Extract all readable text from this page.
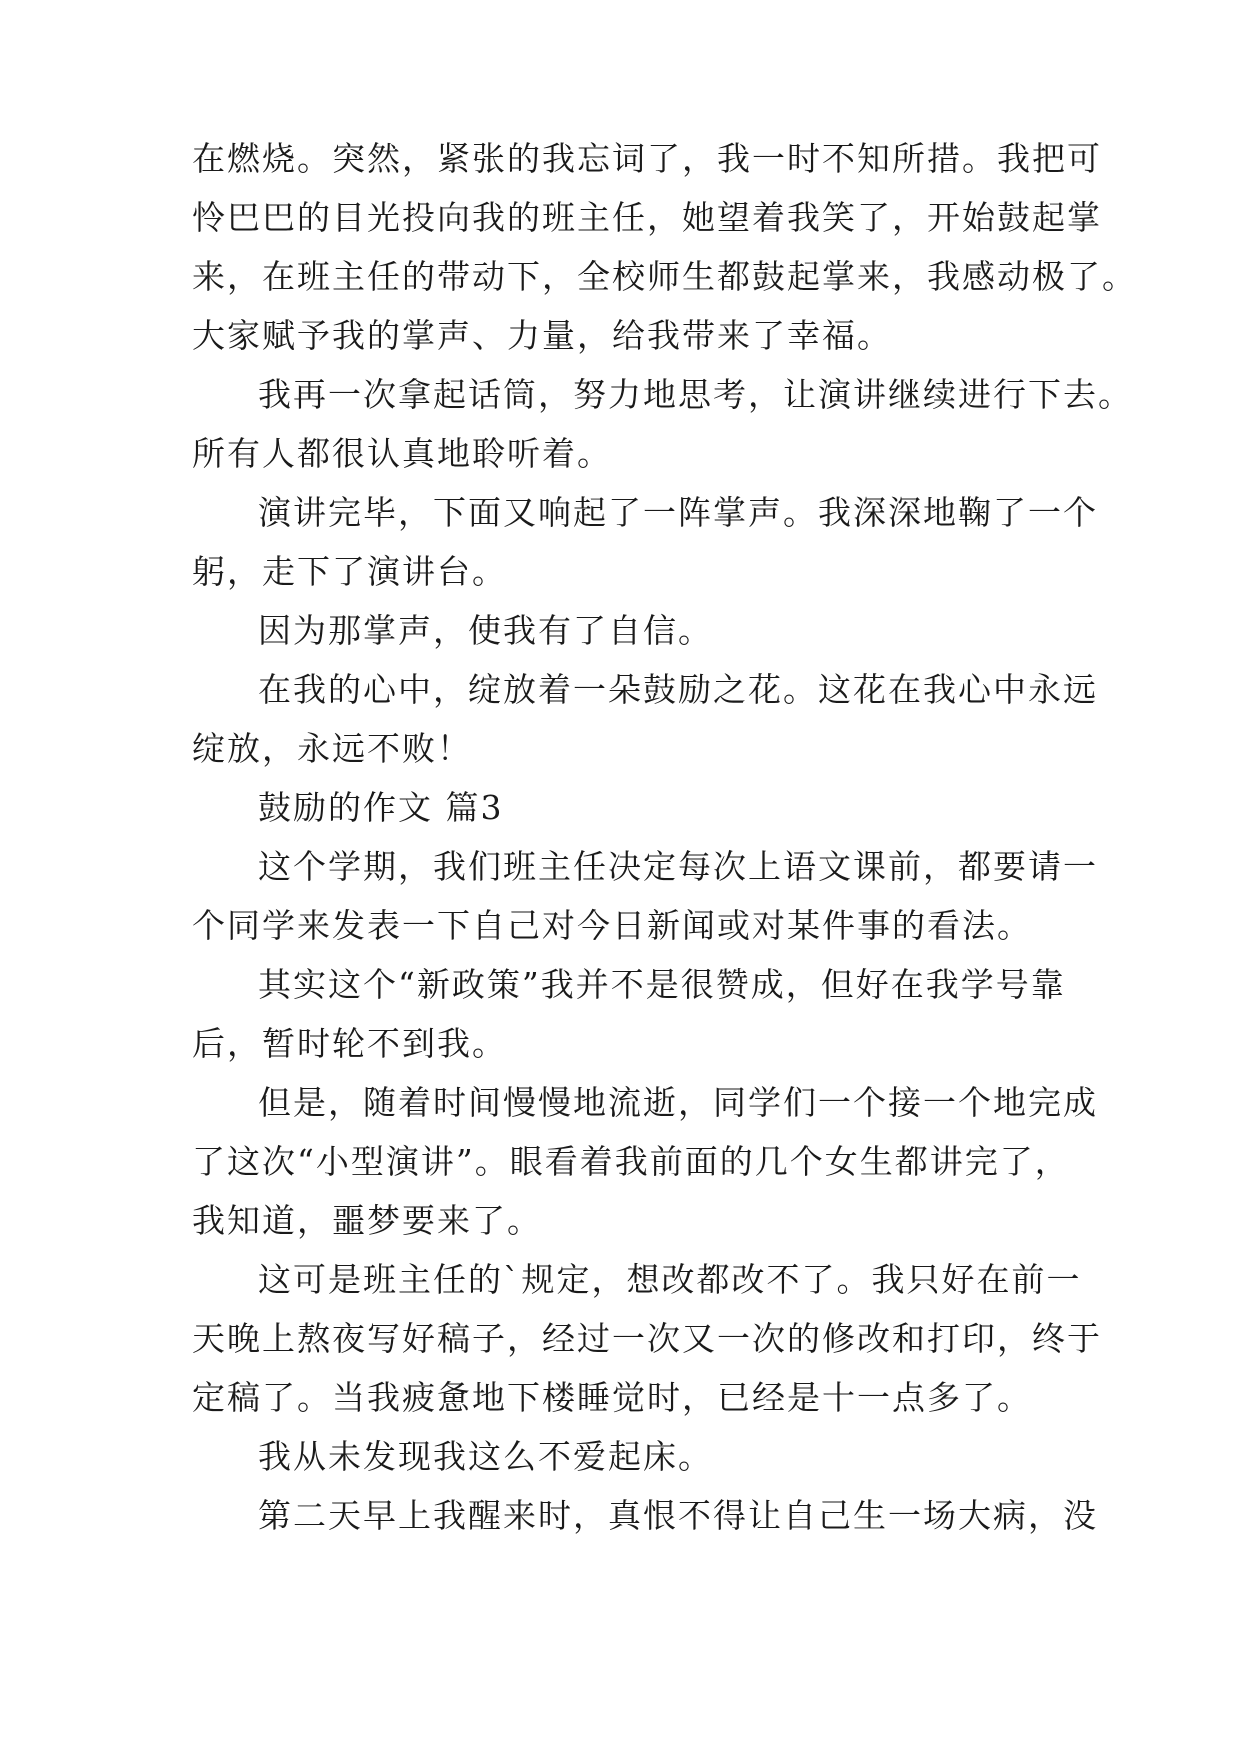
在燃烧。突然，紧张的我忘词了，我一时不知所措。我把可
怜巴巴的目光投向我的班主任，她望着我笑了，开始鼓起掌
来，在班主任的带动下，全校师生都鼓起掌来，我感动极了。
大家赋予我的掌声、力量，给我带来了幸福。
我再一次拿起话筒，努力地思考，让演讲继续进行下去。
所有人都很认真地聆听着。
演讲完毕，下面又响起了一阵掌声。我深深地鞠了一个
躬，走下了演讲台。
因为那掌声，使我有了自信。
在我的心中，绽放着一朵鼓励之花。这花在我心中永远
绽放，永远不败！
鼓励的作文 篇3
这个学期，我们班主任决定每次上语文课前，都要请一
个同学来发表一下自己对今日新闻或对某件事的看法。
其实这个“新政策”我并不是很赞成，但好在我学号靠
后，暂时轮不到我。
但是，随着时间慢慢地流逝，同学们一个接一个地完成
了这次“小型演讲”。眼看着我前面的几个女生都讲完了，
我知道，噩梦要来了。
这可是班主任的`规定，想改都改不了。我只好在前一
天晚上熬夜写好稿子，经过一次又一次的修改和打印，终于
定稿了。当我疲惫地下楼睡觉时，已经是十一点多了。
我从未发现我这么不爱起床。
第二天早上我醒来时，真恨不得让自己生一场大病，没
